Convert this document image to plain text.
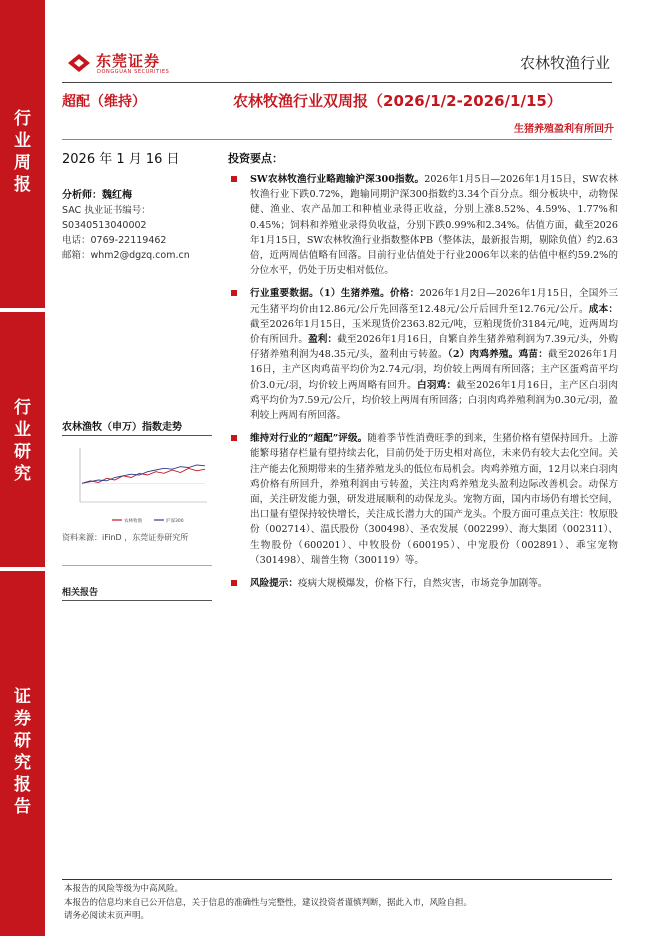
行业周报
行业研究
证券研究报告
东莞证券
DONGGUAN SECURITIES	农林牧渔行业
超配（维持）	农林牧渔行业双周报（2026/1/2-2026/1/15）
生猪养殖盈利有所回升
2026 年 1 月 16 日
分析师：魏红梅
SAC 执业证书编号：
S0340513040002
电话：0769-22119462
邮箱：whm2@dgzq.com.cn
农林渔牧（申万）指数走势
农林牧渔	沪深300
资料来源：iFinD ，东莞证券研究所
相关报告
投资要点：
SW农林牧渔行业略跑输沪深300指数。2026年1月5日—2026年1月15日，SW农林牧渔行业下跌0.72%，跑输同期沪深300指数约3.34个百分点。细分板块中，动物保健、渔业、农产品加工和种植业录得正收益，分别上涨8.52%、4.59%、1.77%和0.45%；饲料和养殖业录得负收益，分别下跌0.99%和2.34%。估值方面，截至2026年1月15日，SW农林牧渔行业指数整体PB（整体法，最新报告期，剔除负值）约2.63倍，近两周估值略有回落。目前行业估值处于行业2006年以来的估值中枢约59.2%的分位水平，仍处于历史相对低位。
行业重要数据。（1）生猪养殖。价格：2026年1月2日—2026年1月15日，全国外三元生猪平均价由12.86元/公斤先回落至12.48元/公斤后回升至12.76元/公斤。成本：截至2026年1月15日，玉米现货价2363.82元/吨，豆粕现货价3184元/吨，近两周均价有所回升。盈利：截至2026年1月16日，自繁自养生猪养殖利润为7.39元/头，外购仔猪养殖利润为48.35元/头，盈利由亏转盈。（2）肉鸡养殖。鸡苗：截至2026年1月16日，主产区肉鸡苗平均价为2.74元/羽，均价较上两周有所回落；主产区蛋鸡苗平均价3.0元/羽，均价较上两周略有回升。白羽鸡：截至2026年1月16日，主产区白羽肉鸡平均价为7.59元/公斤，均价较上两周有所回落；白羽肉鸡养殖利润为0.30元/羽，盈利较上两周有所回落。
维持对行业的“超配”评级。随着季节性消费旺季的到来，生猪价格有望保持回升。上游能繁母猪存栏量有望持续去化，目前仍处于历史相对高位，未来仍有较大去化空间。关注产能去化预期带来的生猪养殖龙头的低位布局机会。肉鸡养殖方面，12月以来白羽肉鸡价格有所回升，养殖利润由亏转盈，关注肉鸡养殖龙头盈利边际改善机会。动保方面，关注研发能力强，研发进展顺利的动保龙头。宠物方面，国内市场仍有增长空间，出口量有望保持较快增长，关注成长潜力大的国产龙头。个股方面可重点关注：牧原股份（002714）、温氏股份（300498）、圣农发展（002299）、海大集团（002311）、生物股份（600201）、中牧股份（600195）、中宠股份（002891）、乖宝宠物（301498）、瑞普生物（300119）等。
风险提示：疫病大规模爆发，价格下行，自然灾害，市场竞争加剧等。
本报告的风险等级为中高风险。
本报告的信息均来自已公开信息，关于信息的准确性与完整性，建议投资者谨慎判断，据此入市，风险自担。
请务必阅读末页声明。
